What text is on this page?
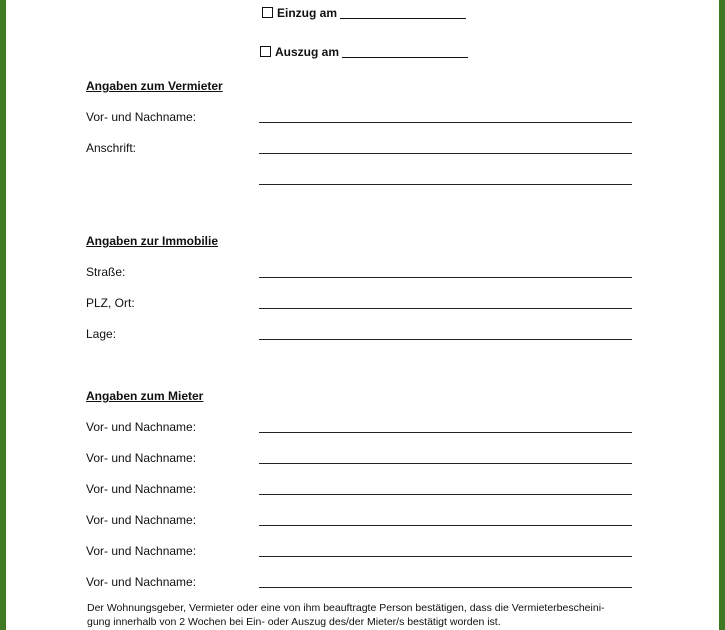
Einzug am
Auszug am
Angaben zum Vermieter
Vor- und Nachname:
Anschrift:
Angaben zur Immobilie
Straße:
PLZ, Ort:
Lage:
Angaben zum Mieter
Vor- und Nachname:
Vor- und Nachname:
Vor- und Nachname:
Vor- und Nachname:
Vor- und Nachname:
Vor- und Nachname:
Der Wohnungsgeber, Vermieter oder eine von ihm beauftragte Person bestätigen, dass die Vermieterbescheini-
gung innerhalb von 2 Wochen bei Ein- oder Auszug des/der Mieter/s bestätigt worden ist.
